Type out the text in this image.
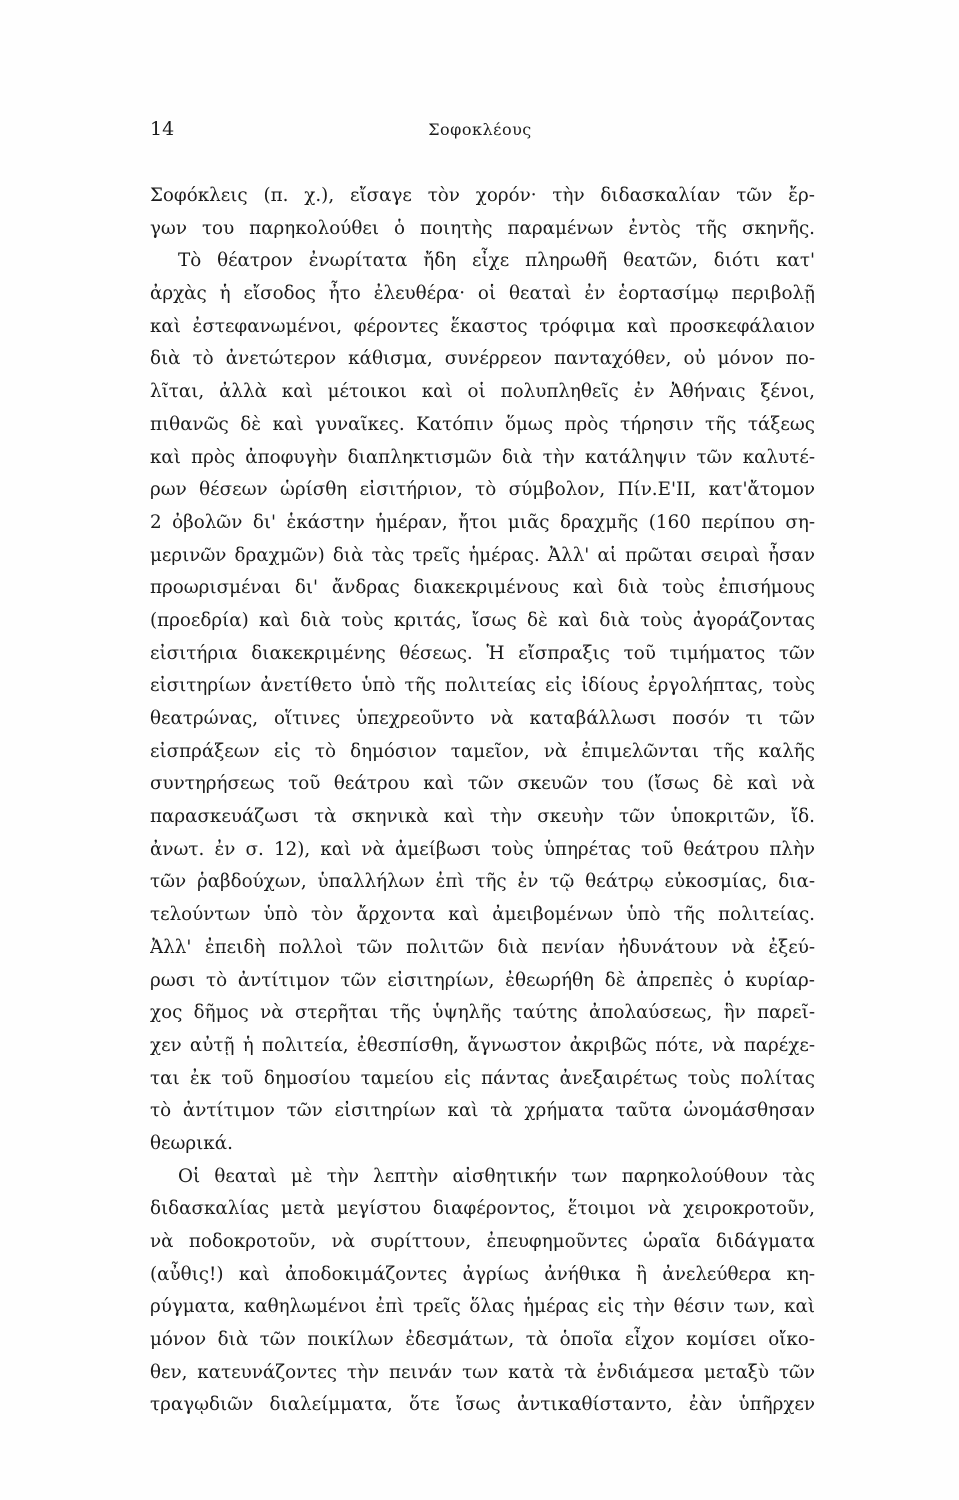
14	Σοφοκλέους
Σοφόκλεις (π. χ.), εἴσαγε τὸν χορόν· τὴν διδασκαλίαν τῶν ἔρ-
γων του παρηκολούθει ὁ ποιητὴς παραμένων ἐντὸς τῆς σκηνῆς.
Τὸ θέατρον ἐνωρίτατα ἤδη εἶχε πληρωθῆ θεατῶν, διότι κατ'
ἀρχὰς ἡ εἴσοδος ἦτο ἐλευθέρα· οἱ θεαταὶ ἐν ἑορτασίμῳ περιβολῇ
καὶ ἐστεφανωμένοι, φέροντες ἕκαστος τρόφιμα καὶ προσκεφάλαιον
διὰ τὸ ἀνετώτερον κάθισμα, συνέρρεον πανταχόθεν, οὐ μόνον πο-
λῖται, ἀλλὰ καὶ μέτοικοι καὶ οἱ πολυπληθεῖς ἐν Ἀθήναις ξένοι,
πιθανῶς δὲ καὶ γυναῖκες. Κατόπιν ὅμως πρὸς τήρησιν τῆς τάξεως
καὶ πρὸς ἀποφυγὴν διαπληκτισμῶν διὰ τὴν κατάληψιν τῶν καλυτέ-
ρων θέσεων ὡρίσθη εἰσιτήριον, τὸ σύμβολον, Πίν.Ε'ΙΙ, κατ'ἄτομον
2 ὀβολῶν δι' ἑκάστην ἡμέραν, ἤτοι μιᾶς δραχμῆς (160 περίπου ση-
μερινῶν δραχμῶν) διὰ τὰς τρεῖς ἡμέρας. Ἀλλ' αἱ πρῶται σειραὶ ἦσαν
προωρισμέναι δι' ἄνδρας διακεκριμένους καὶ διὰ τοὺς ἐπισήμους
(προεδρία) καὶ διὰ τοὺς κριτάς, ἴσως δὲ καὶ διὰ τοὺς ἀγοράζοντας
εἰσιτήρια διακεκριμένης θέσεως. Ἡ εἴσπραξις τοῦ τιμήματος τῶν
εἰσιτηρίων ἀνετίθετο ὑπὸ τῆς πολιτείας εἰς ἰδίους ἐργολήπτας, τοὺς
θεατρώνας, οἵτινες ὑπεχρεοῦντο νὰ καταβάλλωσι ποσόν τι τῶν
εἰσπράξεων εἰς τὸ δημόσιον ταμεῖον, νὰ ἐπιμελῶνται τῆς καλῆς
συντηρήσεως τοῦ θεάτρου καὶ τῶν σκευῶν του (ἴσως δὲ καὶ νὰ
παρασκευάζωσι τὰ σκηνικὰ καὶ τὴν σκευὴν τῶν ὑποκριτῶν, ἴδ.
ἀνωτ. ἐν σ. 12), καὶ νὰ ἀμείβωσι τοὺς ὑπηρέτας τοῦ θεάτρου πλὴν
τῶν ῥαβδούχων, ὑπαλλήλων ἐπὶ τῆς ἐν τῷ θεάτρῳ εὐκοσμίας, δια-
τελούντων ὑπὸ τὸν ἄρχοντα καὶ ἀμειβομένων ὑπὸ τῆς πολιτείας.
Ἀλλ' ἐπειδὴ πολλοὶ τῶν πολιτῶν διὰ πενίαν ἠδυνάτουν νὰ ἐξεύ-
ρωσι τὸ ἀντίτιμον τῶν εἰσιτηρίων, ἐθεωρήθη δὲ ἀπρεπὲς ὁ κυρίαρ-
χος δῆμος νὰ στερῆται τῆς ὑψηλῆς ταύτης ἀπολαύσεως, ἣν παρεῖ-
χεν αὐτῇ ἡ πολιτεία, ἐθεσπίσθη, ἄγνωστον ἀκριβῶς πότε, νὰ παρέχε-
ται ἐκ τοῦ δημοσίου ταμείου εἰς πάντας ἀνεξαιρέτως τοὺς πολίτας
τὸ ἀντίτιμον τῶν εἰσιτηρίων καὶ τὰ χρήματα ταῦτα ὠνομάσθησαν
θεωρικά.
Οἱ θεαταὶ μὲ τὴν λεπτὴν αἰσθητικήν των παρηκολούθουν τὰς
διδασκαλίας μετὰ μεγίστου διαφέροντος, ἕτοιμοι νὰ χειροκροτοῦν,
νὰ ποδοκροτοῦν, νὰ συρίττουν, ἐπευφημοῦντες ὡραῖα διδάγματα
(αὖθις!) καὶ ἀποδοκιμάζοντες ἀγρίως ἀνήθικα ἢ ἀνελεύθερα κη-
ρύγματα, καθηλωμένοι ἐπὶ τρεῖς ὅλας ἡμέρας εἰς τὴν θέσιν των, καὶ
μόνον διὰ τῶν ποικίλων ἐδεσμάτων, τὰ ὁποῖα εἶχον κομίσει οἴκο-
θεν, κατευνάζοντες τὴν πεινάν των κατὰ τὰ ἐνδιάμεσα μεταξὺ τῶν
τραγῳδιῶν διαλείμματα, ὅτε ἴσως ἀντικαθίσταντο, ἐὰν ὑπῆρχεν
